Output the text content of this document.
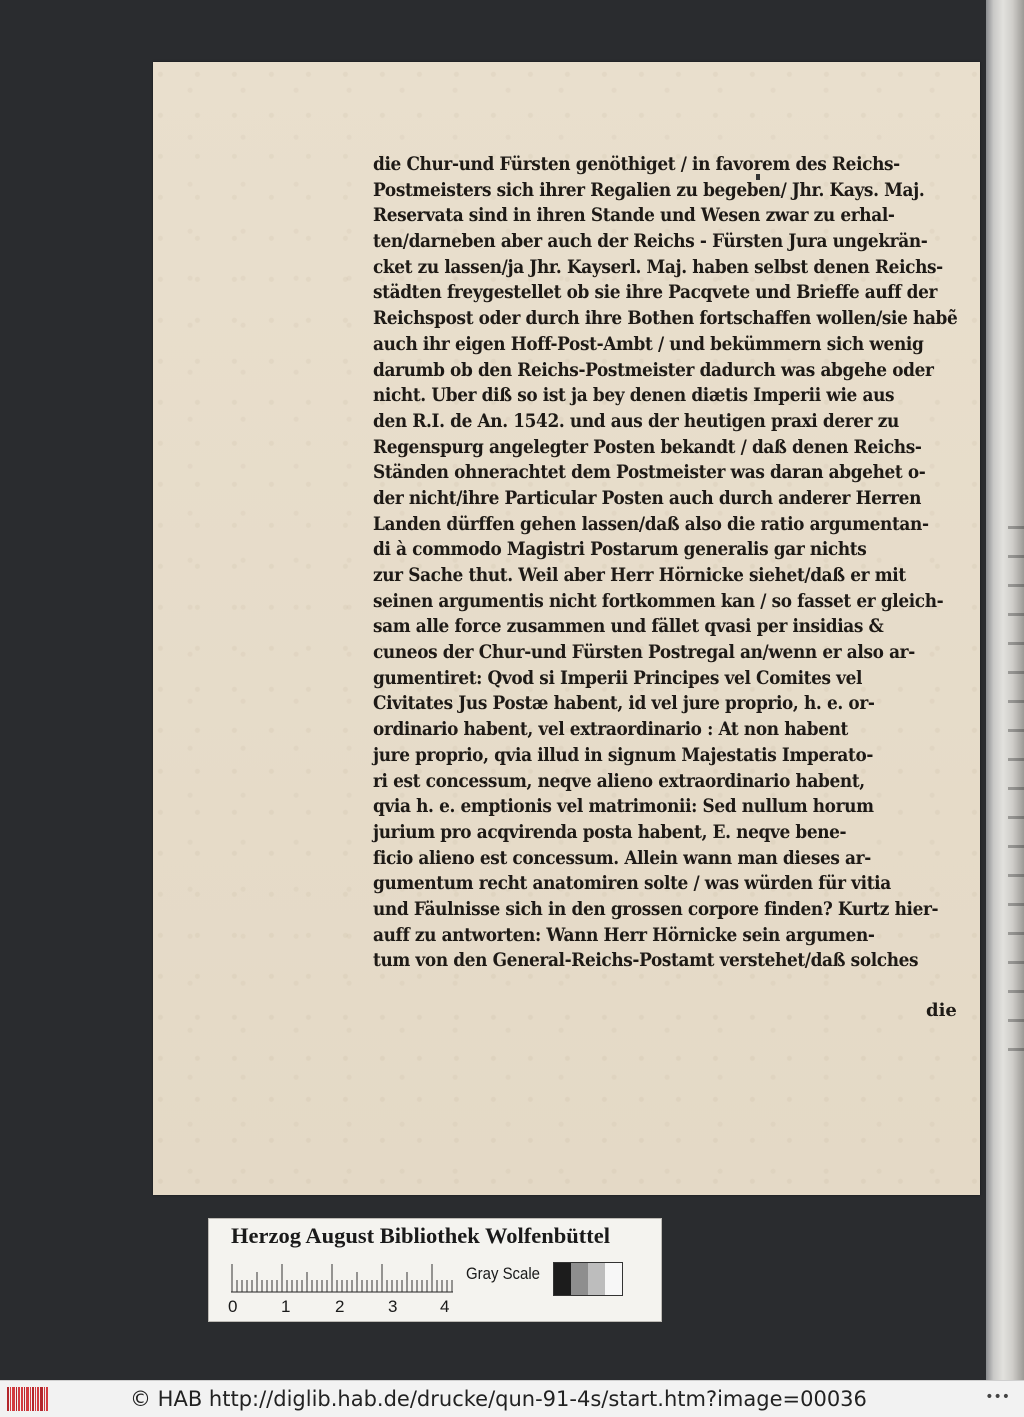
die Chur-und Fürsten genöthiget / in favorem des Reichs-
Postmeisters sich ihrer Regalien zu begeben/ Jhr. Kays. Maj.
Reservata sind in ihren Stande und Wesen zwar zu erhal-
ten/darneben aber auch der Reichs - Fürsten Jura ungekrän-
cket zu lassen/ja Jhr. Kayserl. Maj. haben selbst denen Reichs-
städten freygestellet ob sie ihre Pacqvete und Brieffe auff der
Reichspost oder durch ihre Bothen fortschaffen wollen/sie habẽ
auch ihr eigen Hoff-Post-Ambt / und bekümmern sich wenig
darumb ob den Reichs-Postmeister dadurch was abgehe oder
nicht. Uber diß so ist ja bey denen diætis Imperii wie aus
den R.I. de An. 1542. und aus der heutigen praxi derer zu
Regenspurg angelegter Posten bekandt / daß denen Reichs-
Ständen ohnerachtet dem Postmeister was daran abgehet o-
der nicht/ihre Particular Posten auch durch anderer Herren
Landen dürffen gehen lassen/daß also die ratio argumentan-
di à commodo Magistri Postarum generalis gar nichts
zur Sache thut. Weil aber Herr Hörnicke siehet/daß er mit
seinen argumentis nicht fortkommen kan / so fasset er gleich-
sam alle force zusammen und fället qvasi per insidias &
cuneos der Chur-und Fürsten Postregal an/wenn er also ar-
gumentiret: Qvod si Imperii Principes vel Comites vel
Civitates Jus Postæ habent, id vel jure proprio, h. e. or-
ordinario habent, vel extraordinario : At non habent
jure proprio, qvia illud in signum Majestatis Imperato-
ri est concessum, neqve alieno extraordinario habent,
qvia h. e. emptionis vel matrimonii: Sed nullum horum
jurium pro acqvirenda posta habent, E. neqve bene-
ficio alieno est concessum. Allein wann man dieses ar-
gumentum recht anatomiren solte / was würden für vitia
und Fäulnisse sich in den grossen corpore finden? Kurtz hier-
auff zu antworten: Wann Herr Hörnicke sein argumen-
tum von den General-Reichs-Postamt verstehet/daß solches
die
Herzog August Bibliothek Wolfenbüttel
0	1	2	3	4
Gray Scale
© HAB http://diglib.hab.de/drucke/qun-91-4s/start.htm?image=00036	•••
